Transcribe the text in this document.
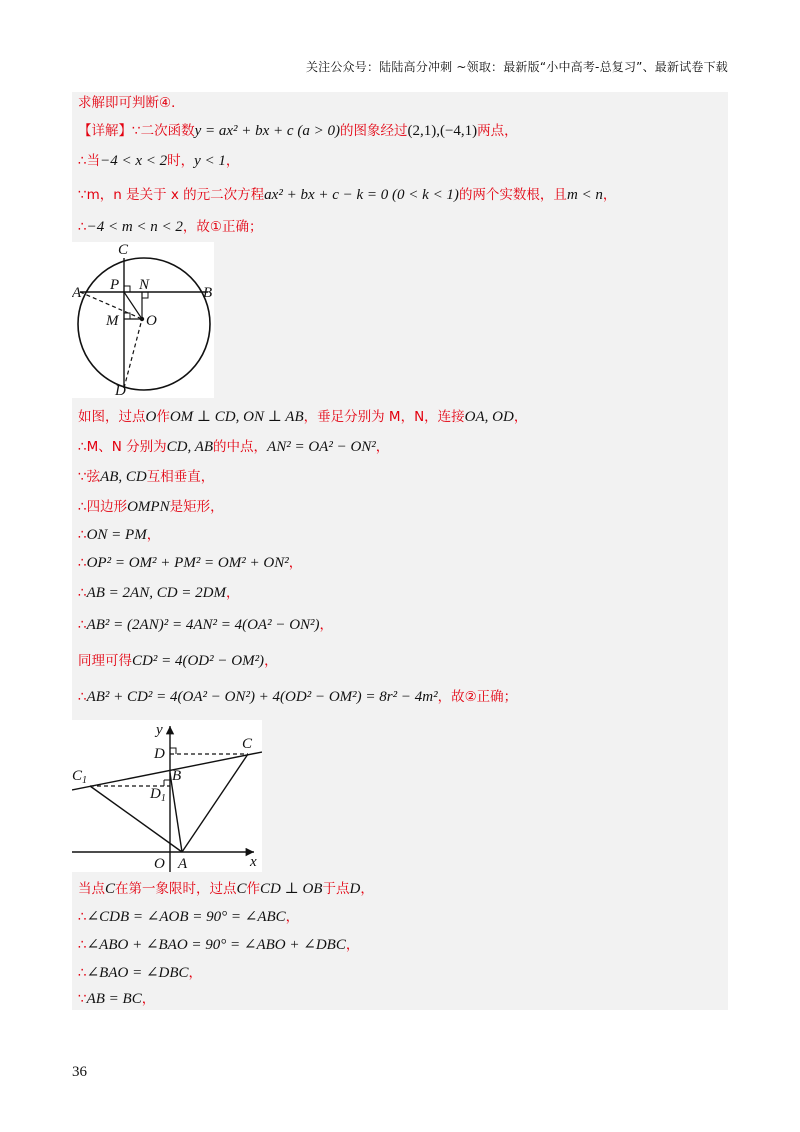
关注公众号：陆陆高分冲刺 ~领取：最新版“小中高考-总复习”、最新试卷下载
求解即可判断④．
【详解】∵二次函数y = ax² + bx + c (a > 0)的图象经过(2,1),(−4,1)两点，
∴当−4 < x < 2时，y < 1，
∵m，n 是关于 x 的元二次方程ax² + bx + c − k = 0 (0 < k < 1)的两个实数根，且m < n，
∴−4 < m < n < 2，故①正确；
C
A P N	B
M O
D
如图，过点O作OM ⊥ CD, ON ⊥ AB，垂足分别为 M，N，连接OA, OD，
∴M、N 分别为CD, AB的中点，AN² = OA² − ON²，
∵弦AB, CD互相垂直，
∴四边形OMPN是矩形，
∴ON = PM，
∴OP² = OM² + PM² = OM² + ON²，
∴AB = 2AN, CD = 2DM，
∴AB² = (2AN)² = 4AN² = 4(OA² − ON²)，
同理可得CD² = 4(OD² − OM²)，
∴AB² + CD² = 4(OA² − ON²) + 4(OD² − OM²) = 8r² − 4m²，故②正确；
y
D
C
$C_1$	B
$D_1$
O A	x
当点C在第一象限时，过点C作CD ⊥ OB于点D，
∴∠CDB = ∠AOB = 90° = ∠ABC，
∴∠ABO + ∠BAO = 90° = ∠ABO + ∠DBC，
∴∠BAO = ∠DBC，
∵AB = BC，
36
